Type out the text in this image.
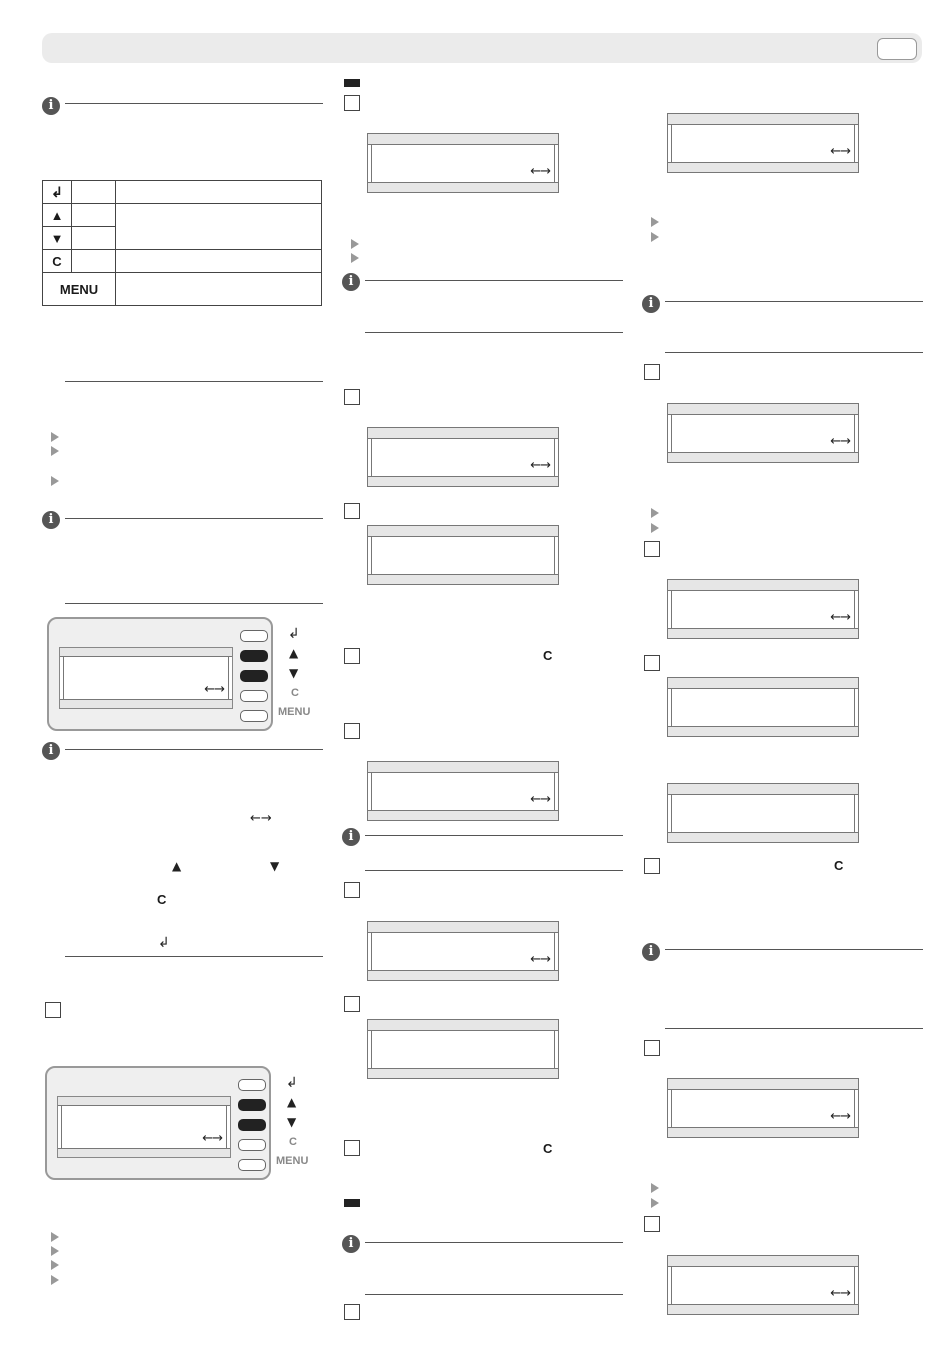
i
↲		
▲		
▼		
C		
MENU		
i
←→
↲
▲
▼
C
MENU
i
←→
▲	▼
C
↲
←→
↲
▲
▼
C
MENU
←→
i
←→
C
←→
i
←→
C
i
←→
i
←→
←→
C
i
←→
←→
